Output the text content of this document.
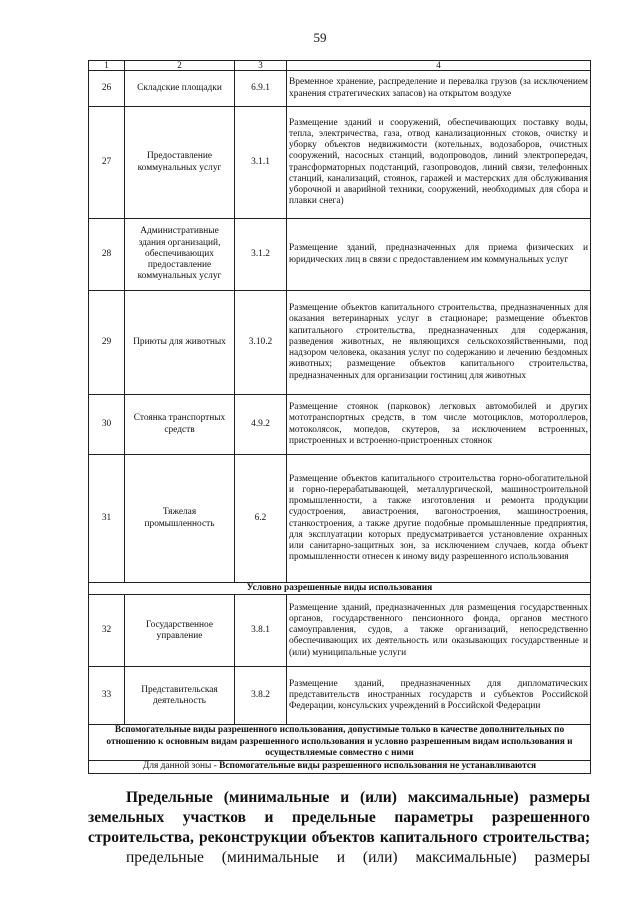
59
1	2	3	4
26	Складские площадки	6.9.1	Временное хранение, распределение и перевалка грузов (за исключением хранения стратегических запасов) на открытом воздухе
27	Предоставление коммунальных услуг	3.1.1	Размещение зданий и сооружений, обеспечивающих поставку воды, тепла, электричества, газа, отвод канализационных стоков, очистку и уборку объектов недвижимости (котельных, водозаборов, очистных сооружений, насосных станций, водопроводов, линий электропередач, трансформаторных подстанций, газопроводов, линий связи, телефонных станций, канализаций, стоянок, гаражей и мастерских для обслуживания уборочной и аварийной техники, сооружений, необходимых для сбора и плавки снега)
28	Административные здания организаций, обеспечивающих предоставление коммунальных услуг	3.1.2	Размещение зданий, предназначенных для приема физических и юридических лиц в связи с предоставлением им коммунальных услуг
29	Приюты для животных	3.10.2	Размещение объектов капитального строительства, предназначенных для оказания ветеринарных услуг в стационаре; размещение объектов капитального строительства, предназначенных для содержания, разведения животных, не являющихся сельскохозяйственными, под надзором человека, оказания услуг по содержанию и лечению бездомных животных; размещение объектов капитального строительства, предназначенных для организации гостиниц для животных
30	Стоянка транспортных средств	4.9.2	Размещение стоянок (парковок) легковых автомобилей и других мототранспортных средств, в том числе мотоциклов, мотороллеров, мотоколясок, мопедов, скутеров, за исключением встроенных, пристроенных и встроенно-пристроенных стоянок
31	Тяжелая промышленность	6.2	Размещение объектов капитального строительства горно-обогатительной и горно-перерабатывающей, металлургической, машиностроительной промышленности, а также изготовления и ремонта продукции судостроения, авиастроения, вагоностроения, машиностроения, станкостроения, а также другие подобные промышленные предприятия, для эксплуатации которых предусматривается установление охранных или санитарно-защитных зон, за исключением случаев, когда объект промышленности отнесен к иному виду разрешенного использования
Условно разрешенные виды использования			
32	Государственное управление	3.8.1	Размещение зданий, предназначенных для размещения государственных органов, государственного пенсионного фонда, органов местного самоуправления, судов, а также организаций, непосредственно обеспечивающих их деятельность или оказывающих государственные и (или) муниципальные услуги
33	Представительская деятельность	3.8.2	Размещение зданий, предназначенных для дипломатических представительств иностранных государств и субъектов Российской Федерации, консульских учреждений в Российской Федерации
Вспомогательные виды разрешенного использования, допустимые только в качестве дополнительных по отношению к основным видам разрешенного использования и условно разрешенным видам использования и осуществляемые совместно с ними			
Для данной зоны - Вспомогательные виды разрешенного использования не устанавливаются			
Предельные (минимальные и (или) максимальные) размеры
земельных участков и предельные параметры разрешенного
строительства, реконструкции объектов капитального строительства;
предельные (минимальные и (или) максимальные) размеры
